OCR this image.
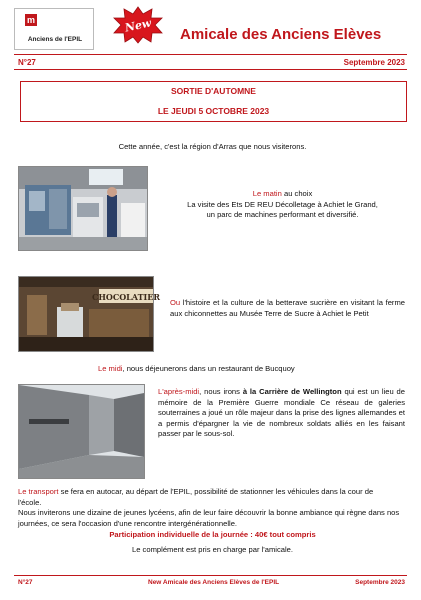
m
Anciens de l'EPIL
New Amicale des Anciens Elèves
N°27	Septembre 2023
SORTIE D'AUTOMNE
LE JEUDI 5 OCTOBRE 2023
Cette année, c'est la région d'Arras que nous visiterons.
Le matin au choix
La visite des Ets DE REU Décolletage à Achiet le Grand,
un parc de machines performant et diversifié.
CHOCOLATIER
Ou l'histoire et la culture de la betterave sucrière en visitant la ferme aux chiconnettes au Musée Terre de Sucre à Achiet le Petit
Le midi, nous déjeunerons dans un restaurant de Bucquoy
L'après-midi, nous irons à la Carrière de Wellington qui est un lieu de mémoire de la Première Guerre mondiale Ce réseau de galeries souterraines a joué un rôle majeur dans la prise des lignes allemandes et a permis d'épargner la vie de nombreux soldats alliés en les faisant passer par le sous-sol.
Le transport se fera en autocar, au départ de l'EPIL, possibilité de stationner les véhicules dans la cour de l'école.
Nous inviterons une dizaine de jeunes lycéens, afin de leur faire découvrir la bonne ambiance qui règne dans nos journées, ce sera l'occasion d'une rencontre intergénérationnelle.
Participation individuelle de la journée : 40€ tout compris
Le complément est pris en charge par l'amicale.
N°27	New Amicale des Anciens Elèves de l'EPIL	Septembre 2023
